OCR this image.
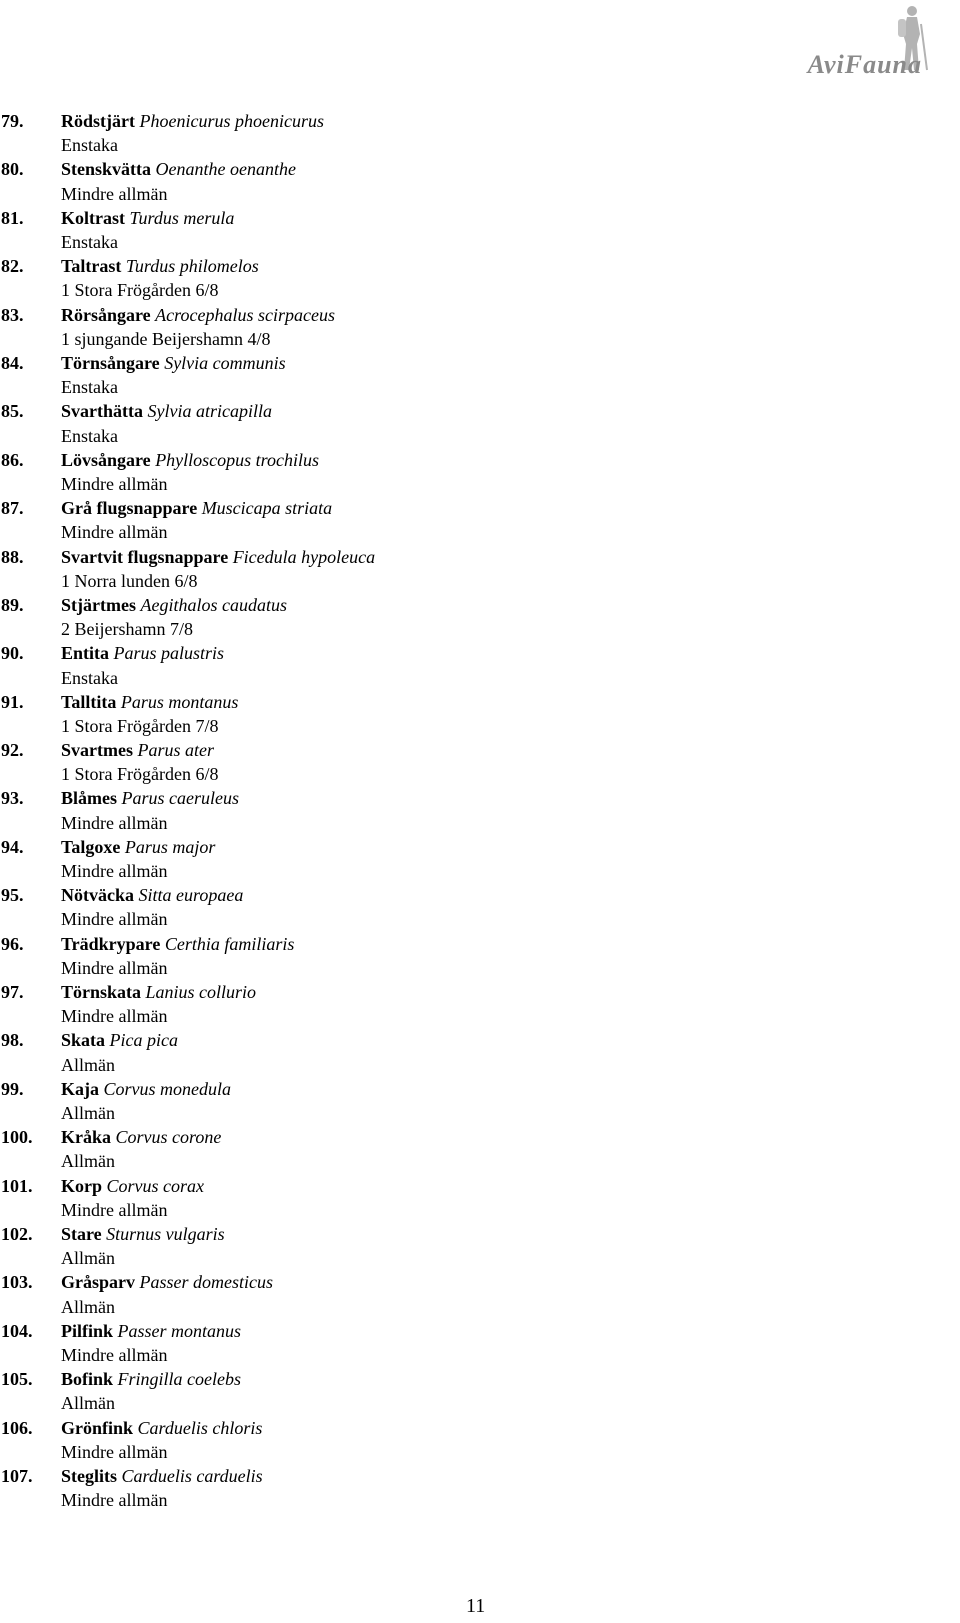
AviFauna
79.	Rödstjärt
Phoenicurus phoenicurus
Enstaka
80.	Stenskvätta
Oenanthe oenanthe
Mindre allmän
81.	Koltrast
Turdus merula
Enstaka
82.	Taltrast
Turdus philomelos
1 Stora Frögården 6/8
83.	Rörsångare
Acrocephalus scirpaceus
1 sjungande Beijershamn 4/8
84.	Törnsångare
Sylvia communis
Enstaka
85.	Svarthätta
Sylvia atricapilla
Enstaka
86.	Lövsångare
Phylloscopus trochilus
Mindre allmän
87.	Grå flugsnappare
Muscicapa striata
Mindre allmän
88.	Svartvit flugsnappare
Ficedula hypoleuca
1 Norra lunden 6/8
89.	Stjärtmes
Aegithalos caudatus
2 Beijershamn 7/8
90.	Entita
Parus palustris
Enstaka
91.	Talltita
Parus montanus
1 Stora Frögården 7/8
92.	Svartmes
Parus ater
1 Stora Frögården 6/8
93.	Blåmes
Parus caeruleus
Mindre allmän
94.	Talgoxe
Parus major
Mindre allmän
95.	Nötväcka
Sitta europaea
Mindre allmän
96.	Trädkrypare
Certhia familiaris
Mindre allmän
97.	Törnskata
Lanius collurio
Mindre allmän
98.	Skata
Pica pica
Allmän
99.	Kaja
Corvus monedula
Allmän
100.	Kråka
Corvus corone
Allmän
101.	Korp
Corvus corax
Mindre allmän
102.	Stare
Sturnus vulgaris
Allmän
103.	Gråsparv
Passer domesticus
Allmän
104.	Pilfink
Passer montanus
Mindre allmän
105.	Bofink
Fringilla coelebs
Allmän
106.	Grönfink
Carduelis chloris
Mindre allmän
107.	Steglits
Carduelis carduelis
Mindre allmän
11
